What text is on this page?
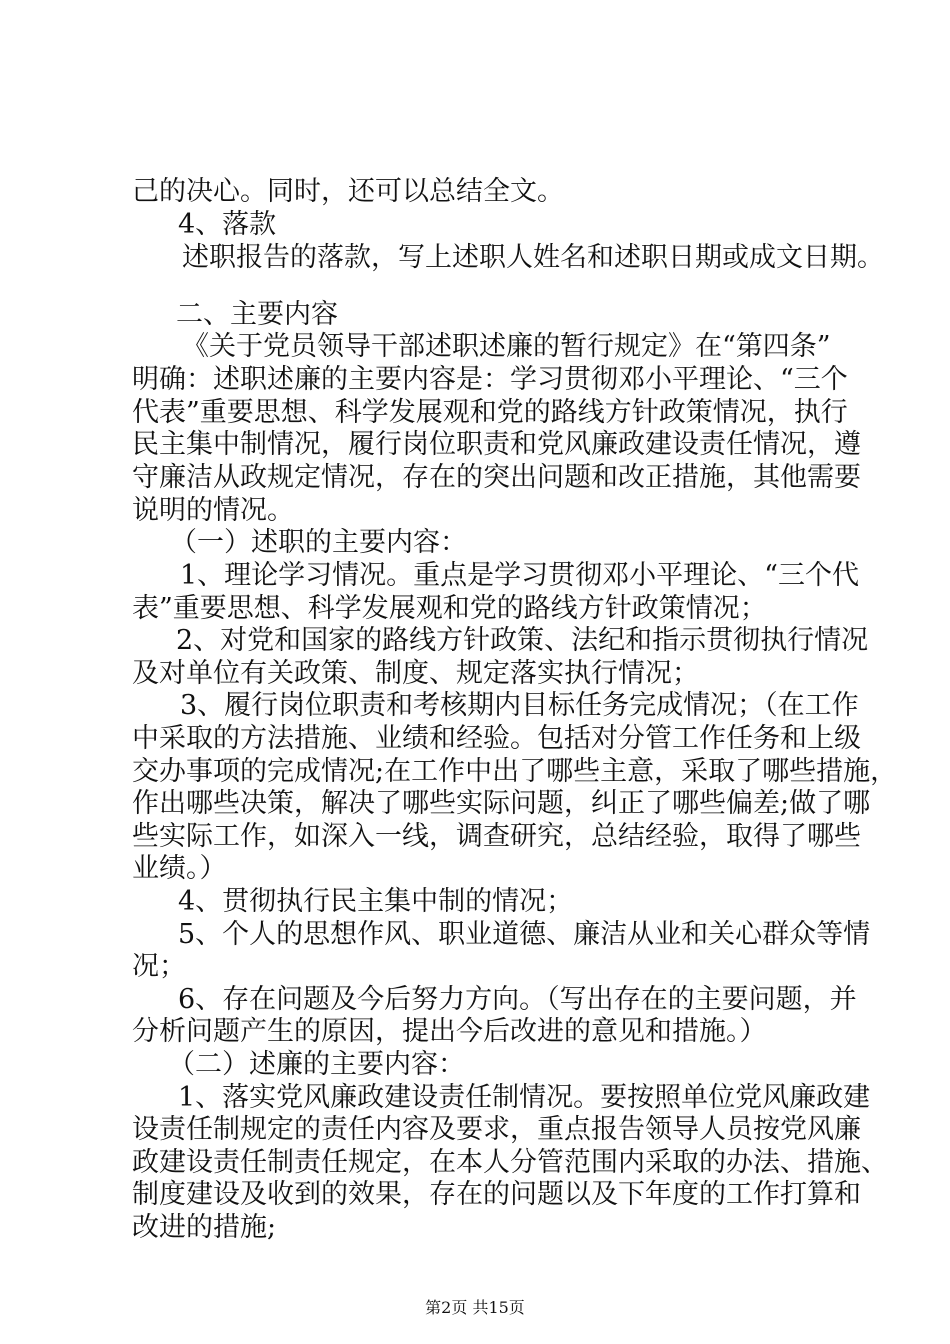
己的决心。同时，还可以总结全文。
4、落款
述职报告的落款，写上述职人姓名和述职日期或成文日期。
二、主要内容
《关于党员领导干部述职述廉的暂行规定》在“第四条”
明确：述职述廉的主要内容是：学习贯彻邓小平理论、“三个
代表”重要思想、科学发展观和党的路线方针政策情况，执行
民主集中制情况，履行岗位职责和党风廉政建设责任情况，遵
守廉洁从政规定情况，存在的突出问题和改正措施，其他需要
说明的情况。
（一）述职的主要内容：
1、理论学习情况。重点是学习贯彻邓小平理论、“三个代
表”重要思想、科学发展观和党的路线方针政策情况；
2、对党和国家的路线方针政策、法纪和指示贯彻执行情况
及对单位有关政策、制度、规定落实执行情况；
3、履行岗位职责和考核期内目标任务完成情况；（在工作
中采取的方法措施、业绩和经验。包括对分管工作任务和上级
交办事项的完成情况;在工作中出了哪些主意，采取了哪些措施，
作出哪些决策，解决了哪些实际问题，纠正了哪些偏差;做了哪
些实际工作，如深入一线，调查研究，总结经验，取得了哪些
业绩。）
4、贯彻执行民主集中制的情况；
5、个人的思想作风、职业道德、廉洁从业和关心群众等情
况；
6、存在问题及今后努力方向。（写出存在的主要问题，并
分析问题产生的原因，提出今后改进的意见和措施。）
（二）述廉的主要内容：
1、落实党风廉政建设责任制情况。要按照单位党风廉政建
设责任制规定的责任内容及要求，重点报告领导人员按党风廉
政建设责任制责任规定，在本人分管范围内采取的办法、措施、
制度建设及收到的效果，存在的问题以及下年度的工作打算和
改进的措施;
第2页 共15页
